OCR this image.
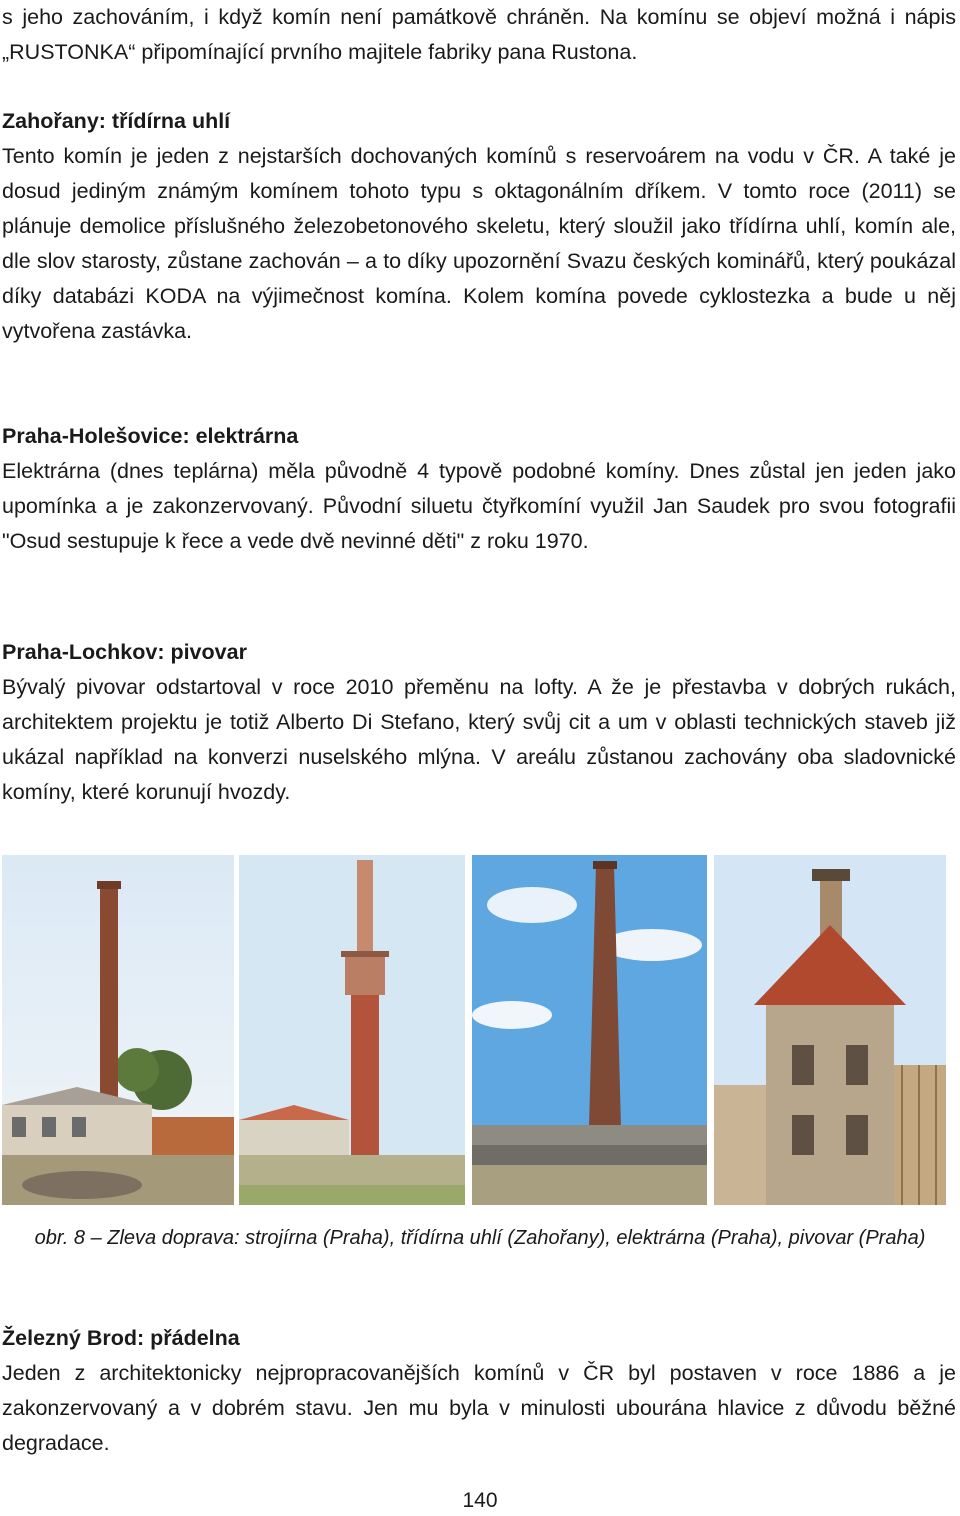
s jeho zachováním, i když komín není památkově chráněn. Na komínu se objeví možná i nápis „RUSTONKA“ připomínající prvního majitele fabriky pana Rustona.

Zahořany: třídírna uhlí

Tento komín je jeden z nejstarších dochovaných komínů s reservoárem na vodu v ČR. A také je dosud jediným známým komínem tohoto typu s oktagonálním dříkem. V tomto roce (2011) se plánuje demolice příslušného železobetonového skeletu, který sloužil jako třídírna uhlí, komín ale, dle slov starosty, zůstane zachován – a to díky upozornění Svazu českých kominářů, který poukázal díky databázi KODA na výjimečnost komína. Kolem komína povede cyklostezka a bude u něj vytvořena zastávka.

Praha-Holešovice: elektrárna

Elektrárna (dnes teplárna) měla původně 4 typově podobné komíny. Dnes zůstal jen jeden jako upomínka a je zakonzervovaný. Původní siluetu čtyřkomíní využil Jan Saudek pro svou fotografii "Osud sestupuje k řece a vede dvě nevinné děti" z roku 1970.

Praha-Lochkov: pivovar

Bývalý pivovar odstartoval v roce 2010 přeměnu na lofty. A že je přestavba v dobrých rukách, architektem projektu je totiž Alberto Di Stefano, který svůj cit a um v oblasti technických staveb již ukázal například na konverzi nuselského mlýna. V areálu zůstanou zachovány oba sladovnické komíny, které korunují hvozdy.

obr. 8 – Zleva doprava: strojírna (Praha), třídírna uhlí (Zahořany), elektrárna (Praha), pivovar (Praha)

Železný Brod: přádelna

Jeden z architektonicky nejpropracovanějších komínů v ČR byl postaven v roce 1886 a je zakonzervovaný a v dobrém stavu. Jen mu byla v minulosti ubourána hlavice z důvodu běžné degradace.

140
